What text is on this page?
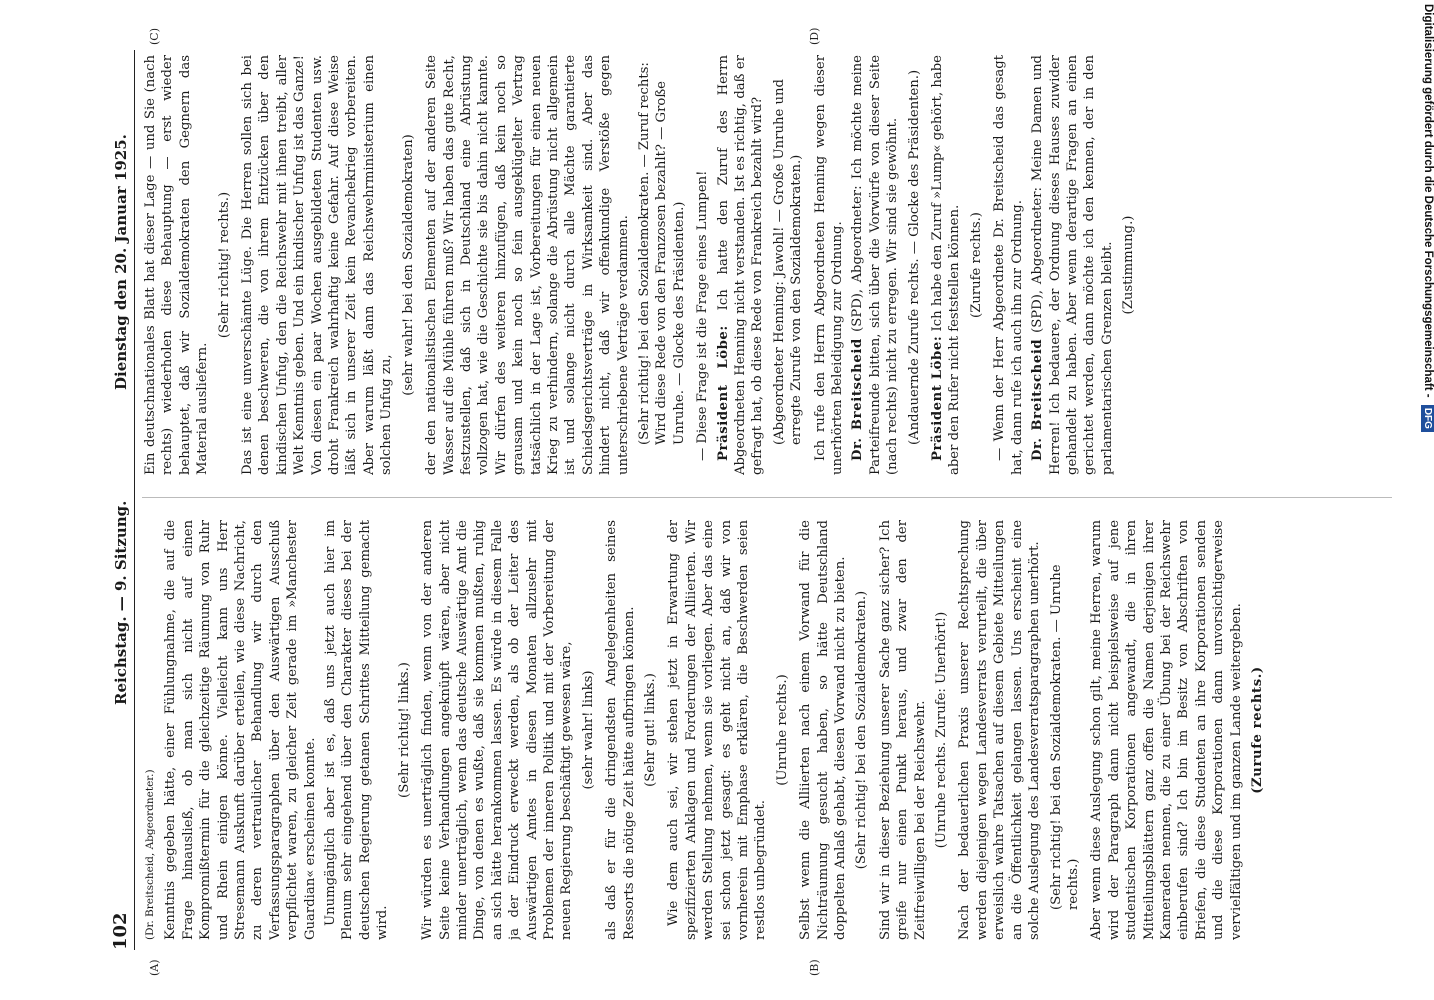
102
Reichstag. — 9. Sitzung.
Dienstag den 20. Januar 1925.
(A)	(B)
(C)	(D)

(Dr. Breitscheid, Abgeordneter.) Kenntnis gegeben hätte, einer Fühlungnahme, die auf die Frage hinausließ, ob man sich nicht auf einen Kompromißtermin für die gleichzeitige Räumung von Ruhr und Rhein einigen könne. Vielleicht kann uns Herr Stresemann Auskunft darüber erteilen, wie diese Nachricht, zu deren vertraulicher Behandlung wir durch den Verfassungsparagraphen über den Auswärtigen Ausschuß verpflichtet waren, zu gleicher Zeit gerade im »Manchester Guardian« erscheinen konnte. Unumgänglich aber ist es, daß uns jetzt auch hier im Plenum sehr eingehend über den Charakter dieses bei der deutschen Regierung getanen Schrittes Mitteilung gemacht wird.

(Sehr richtig! links.) Wir würden es unerträglich finden, wenn von der anderen Seite keine Verhandlungen angeknüpft wären, aber nicht minder unerträglich, wenn das deutsche Auswärtige Amt die Dinge, von denen es wußte, daß sie kommen mußten, ruhig an sich hätte herankommen lassen. Es würde in diesem Falle ja der Eindruck erweckt werden, als ob der Leiter des Auswärtigen Amtes in diesen Monaten allzusehr mit Problemen der inneren Politik und mit der Vorbereitung der neuen Regierung beschäftigt gewesen wäre, (sehr wahr! links) als daß er für die dringendsten Angelegenheiten seines Ressorts die nötige Zeit hätte aufbringen können. (Sehr gut! links.) Wie dem auch sei, wir stehen jetzt in Erwartung der spezifizierten Anklagen und Forderungen der Alliierten. Wir werden Stellung nehmen, wenn sie vorliegen. Aber das eine sei schon jetzt gesagt: es geht nicht an, daß wir von vornherein mit Emphase erklären, die Beschwerden seien restlos unbegründet.

(Unruhe rechts.) Selbst wenn die Alliierten nach einem Vorwand für die Nichträumung gesucht haben, so hätte Deutschland doppelten Anlaß gehabt, diesen Vorwand nicht zu bieten. (Sehr richtig! bei den Sozialdemokraten.) Sind wir in dieser Beziehung unserer Sache ganz sicher? Ich greife nur einen Punkt heraus, und zwar den der Zeitfreiwilligen bei der Reichswehr. (Unruhe rechts. Zurufe: Unerhört!) Nach der bedauerlichen Praxis unserer Rechtsprechung werden diejenigen wegen Landesverrats verurteilt, die über erweislich wahre Tatsachen auf diesem Gebiete Mitteilungen an die Öffentlichkeit gelangen lassen. Uns erscheint eine solche Auslegung des Landesverratsparagraphen unerhört. (Sehr richtig! bei den Sozialdemokraten. — Unruhe rechts.) Aber wenn diese Auslegung schon gilt, meine Herren, warum wird der Paragraph dann nicht beispielsweise auf jene studentischen Korporationen angewandt, die in ihren Mitteilungsblättern ganz offen die Namen derjenigen ihrer Kameraden nennen, die zu einer Übung bei der Reichswehr einberufen sind? Ich bin im Besitz von Abschriften von Briefen, die diese Studenten an ihre Korporationen senden und die diese Korporationen dann unvorsichtigerweise vervielfältigen und im ganzen Lande weitergeben. (Zurufe rechts.)

Ein deutschnationales Blatt hat dieser Lage — und Sie (nach rechts) wiederholen diese Behauptung — erst wieder behauptet, daß wir Sozialdemokraten den Gegnern das Material ausliefern.

(Sehr richtig! rechts.) Das ist eine unverschämte Lüge. Die Herren sollen sich bei denen beschweren, die von ihrem Entzücken über den kindischen Unfug, den die Reichswehr mit ihnen treibt, aller Welt Kenntnis geben. Und ein kindischer Unfug ist das Ganze! Von diesen ein paar Wochen ausgebildeten Studenten usw. droht Frankreich wahrhaftig keine Gefahr. Auf diese Weise läßt sich in unserer Zeit kein Revanchekrieg vorbereiten. Aber warum läßt dann das Reichswehrministerium einen solchen Unfug zu,

(sehr wahr! bei den Sozialdemokraten) der den nationalistischen Elementen auf der anderen Seite Wasser auf die Mühle führen muß? Wir haben das gute Recht, festzustellen, daß sich in Deutschland eine Abrüstung vollzogen hat, wie die Geschichte sie bis dahin nicht kannte. Wir dürfen des weiteren hinzufügen, daß kein noch so grausam und kein noch so fein ausgeklügelter Vertrag tatsächlich in der Lage ist, Vorbereitungen für einen neuen Krieg zu verhindern, solange die Abrüstung nicht allgemein ist und solange nicht durch alle Mächte garantierte Schiedsgerichtsverträge in Wirksamkeit sind. Aber das hindert nicht, daß wir offenkundige Verstöße gegen unterschriebene Verträge verdammen. (Sehr richtig! bei den Sozialdemokraten. — Zuruf rechts: Wird diese Rede von den Franzosen bezahlt? — Große Unruhe. — Glocke des Präsidenten.) — Diese Frage ist die Frage eines Lumpen! Präsident Löbe: Ich hatte den Zuruf des Herrn Abgeordneten Henning nicht verstanden. Ist es richtig, daß er gefragt hat, ob diese Rede von Frankreich bezahlt wird? (Abgeordneter Henning: Jawohl! — Große Unruhe und erregte Zurufe von den Sozialdemokraten.) Ich rufe den Herrn Abgeordneten Henning wegen dieser unerhörten Beleidigung zur Ordnung. Dr. Breitscheid (SPD), Abgeordneter: Ich möchte meine Parteifreunde bitten, sich über die Vorwürfe von dieser Seite (nach rechts) nicht zu erregen. Wir sind sie gewöhnt. (Andauernde Zurufe rechts. — Glocke des Präsidenten.) Präsident Löbe: Ich habe den Zuruf »Lump« gehört, habe aber den Rufer nicht feststellen können. (Zurufe rechts.) — Wenn der Herr Abgeordnete Dr. Breitscheid das gesagt hat, dann rufe ich auch ihn zur Ordnung. Dr. Breitscheid (SPD), Abgeordneter: Meine Damen und Herren! Ich bedauere, der Ordnung dieses Hauses zuwider gehandelt zu haben. Aber wenn derartige Fragen an einen gerichtet werden, dann möchte ich den kennen, der in den parlamentarischen Grenzen bleibt. (Zustimmung.)	Digitalisierung gefördert durch die Deutsche Forschungsgemeinschaft - DFG
